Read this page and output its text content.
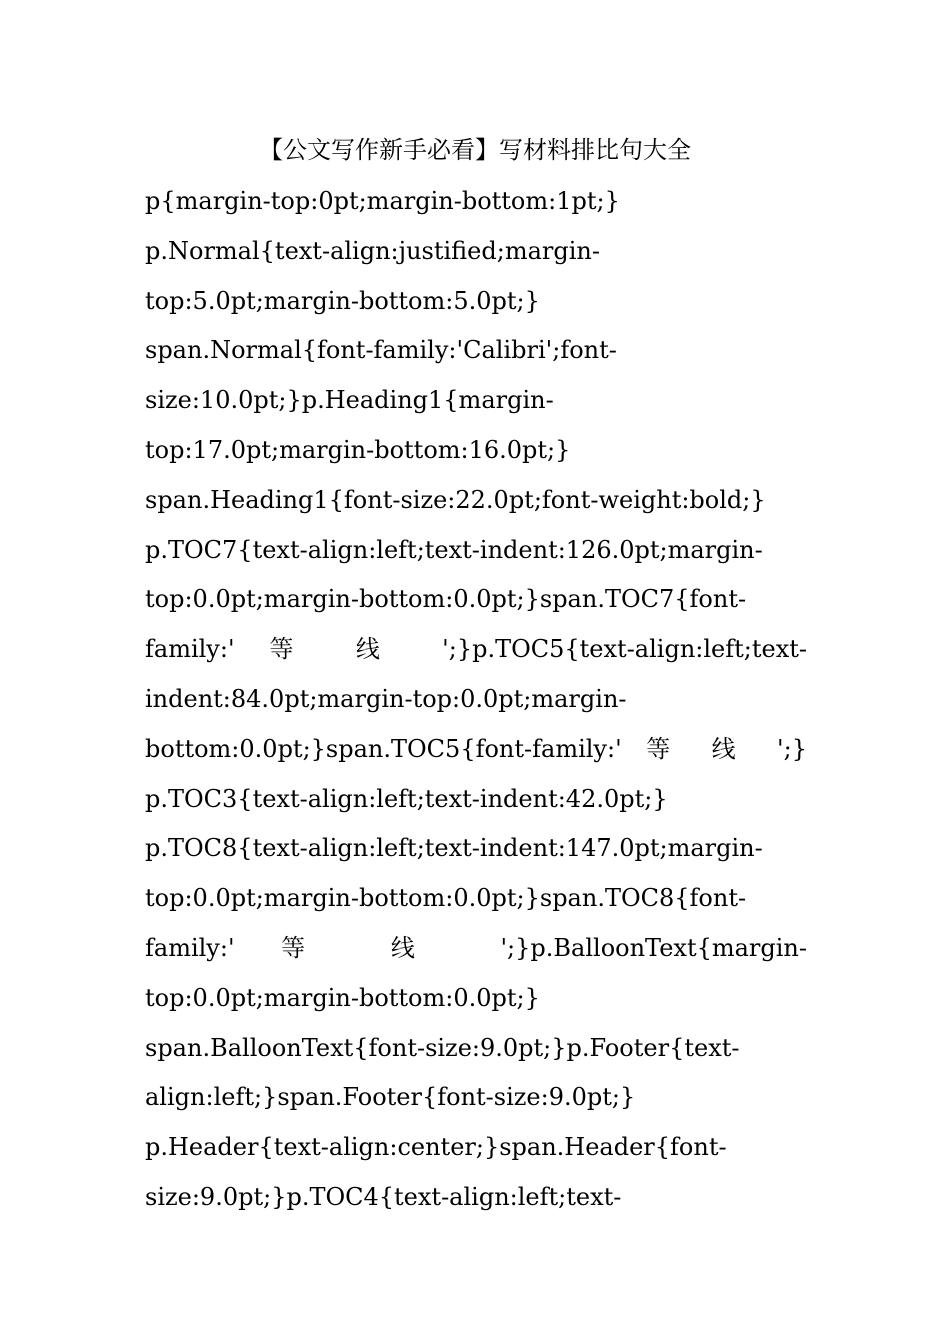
【公文写作新手必看】写材料排比句大全
p{margin-top:0pt;margin-bottom:1pt;}
p.Normal{text-align:justified;margin-
top:5.0pt;margin-bottom:5.0pt;}
span.Normal{font-family:'Calibri';font-
size:10.0pt;}p.Heading1{margin-
top:17.0pt;margin-bottom:16.0pt;}
span.Heading1{font-size:22.0pt;font-weight:bold;}
p.TOC7{text-align:left;text-indent:126.0pt;margin-
top:0.0pt;margin-bottom:0.0pt;}span.TOC7{font-
family:' 等 线 ';}p.TOC5{text-align:left;text-
indent:84.0pt;margin-top:0.0pt;margin-
bottom:0.0pt;}span.TOC5{font-family:' 等 线 ';}
p.TOC3{text-align:left;text-indent:42.0pt;}
p.TOC8{text-align:left;text-indent:147.0pt;margin-
top:0.0pt;margin-bottom:0.0pt;}span.TOC8{font-
family:' 等 线 ';}p.BalloonText{margin-
top:0.0pt;margin-bottom:0.0pt;}
span.BalloonText{font-size:9.0pt;}p.Footer{text-
align:left;}span.Footer{font-size:9.0pt;}
p.Header{text-align:center;}span.Header{font-
size:9.0pt;}p.TOC4{text-align:left;text-
